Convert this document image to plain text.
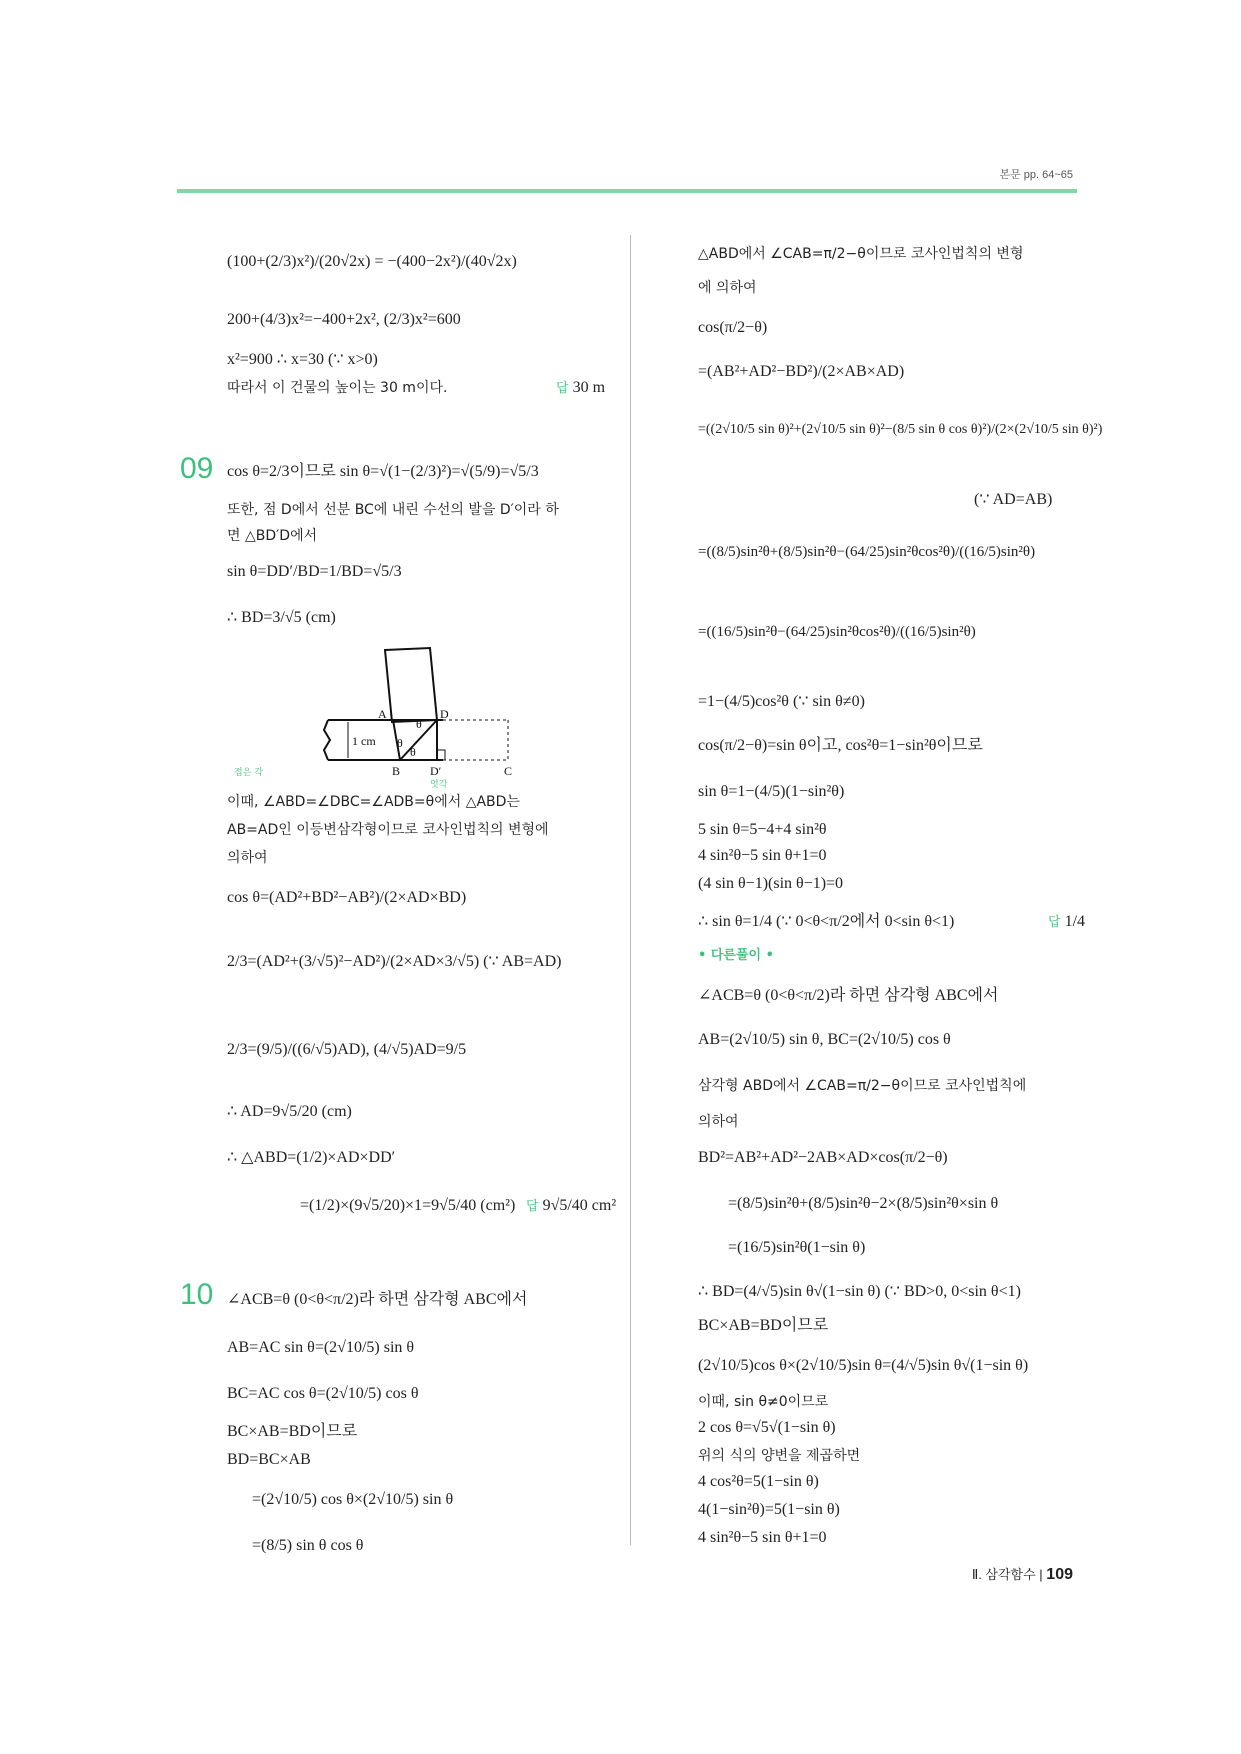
본문 pp. 64~65
(100+(2/3)x²)/(20√2x) = −(400−2x²)/(40√2x)
200+(4/3)x²=−400+2x², (2/3)x²=600
x²=900 ∴ x=30 (∵ x>0)
따라서 이 건물의 높이는 30 m이다.	답 30 m
09 cos θ=2/3이므로 sin θ=√(1−(2/3)²)=√(5/9)=√5/3
또한, 점 D에서 선분 BC에 내린 수선의 발을 D′이라 하
면 △BD′D에서
sin θ=DD′/BD=1/BD=√5/3
∴ BD=3/√5 (cm)
A	D
B D′	C
1 cm θ
θ
θ
접은 각
엇각
이때, ∠ABD=∠DBC=∠ADB=θ에서 △ABD는
AB=AD인 이등변삼각형이므로 코사인법칙의 변형에
의하여
cos θ=(AD²+BD²−AB²)/(2×AD×BD)
2/3=(AD²+(3/√5)²−AD²)/(2×AD×3/√5) (∵ AB=AD)
2/3=(9/5)/((6/√5)AD), (4/√5)AD=9/5
∴ AD=9√5/20 (cm)
∴ △ABD=(1/2)×AD×DD′
=(1/2)×(9√5/20)×1=9√5/40 (cm²) 답 9√5/40 cm²
10 ∠ACB=θ (0<θ<π/2)라 하면 삼각형 ABC에서
AB=AC sin θ=(2√10/5) sin θ
BC=AC cos θ=(2√10/5) cos θ
BC×AB=BD이므로
BD=BC×AB
=(2√10/5) cos θ×(2√10/5) sin θ
=(8/5) sin θ cos θ
△ABD에서 ∠CAB=π/2−θ이므로 코사인법칙의 변형
에 의하여
cos(π/2−θ)
=(AB²+AD²−BD²)/(2×AB×AD)
=((2√10/5 sin θ)²+(2√10/5 sin θ)²−(8/5 sin θ cos θ)²)/(2×(2√10/5 sin θ)²)
(∵ AD=AB)
=((8/5)sin²θ+(8/5)sin²θ−(64/25)sin²θcos²θ)/((16/5)sin²θ)
=((16/5)sin²θ−(64/25)sin²θcos²θ)/((16/5)sin²θ)
=1−(4/5)cos²θ (∵ sin θ≠0)
cos(π/2−θ)=sin θ이고, cos²θ=1−sin²θ이므로
sin θ=1−(4/5)(1−sin²θ)
5 sin θ=5−4+4 sin²θ
4 sin²θ−5 sin θ+1=0
(4 sin θ−1)(sin θ−1)=0
∴ sin θ=1/4 (∵ 0<θ<π/2에서 0<sin θ<1)	답 1/4
• 다른풀이 •
∠ACB=θ (0<θ<π/2)라 하면 삼각형 ABC에서
AB=(2√10/5) sin θ, BC=(2√10/5) cos θ
삼각형 ABD에서 ∠CAB=π/2−θ이므로 코사인법칙에
의하여
BD²=AB²+AD²−2AB×AD×cos(π/2−θ)
=(8/5)sin²θ+(8/5)sin²θ−2×(8/5)sin²θ×sin θ
=(16/5)sin²θ(1−sin θ)
∴ BD=(4/√5)sin θ√(1−sin θ) (∵ BD>0, 0<sin θ<1)
BC×AB=BD이므로
(2√10/5)cos θ×(2√10/5)sin θ=(4/√5)sin θ√(1−sin θ)
이때, sin θ≠0이므로
2 cos θ=√5√(1−sin θ)
위의 식의 양변을 제곱하면
4 cos²θ=5(1−sin θ)
4(1−sin²θ)=5(1−sin θ)
4 sin²θ−5 sin θ+1=0
Ⅱ. 삼각함수 | 109
